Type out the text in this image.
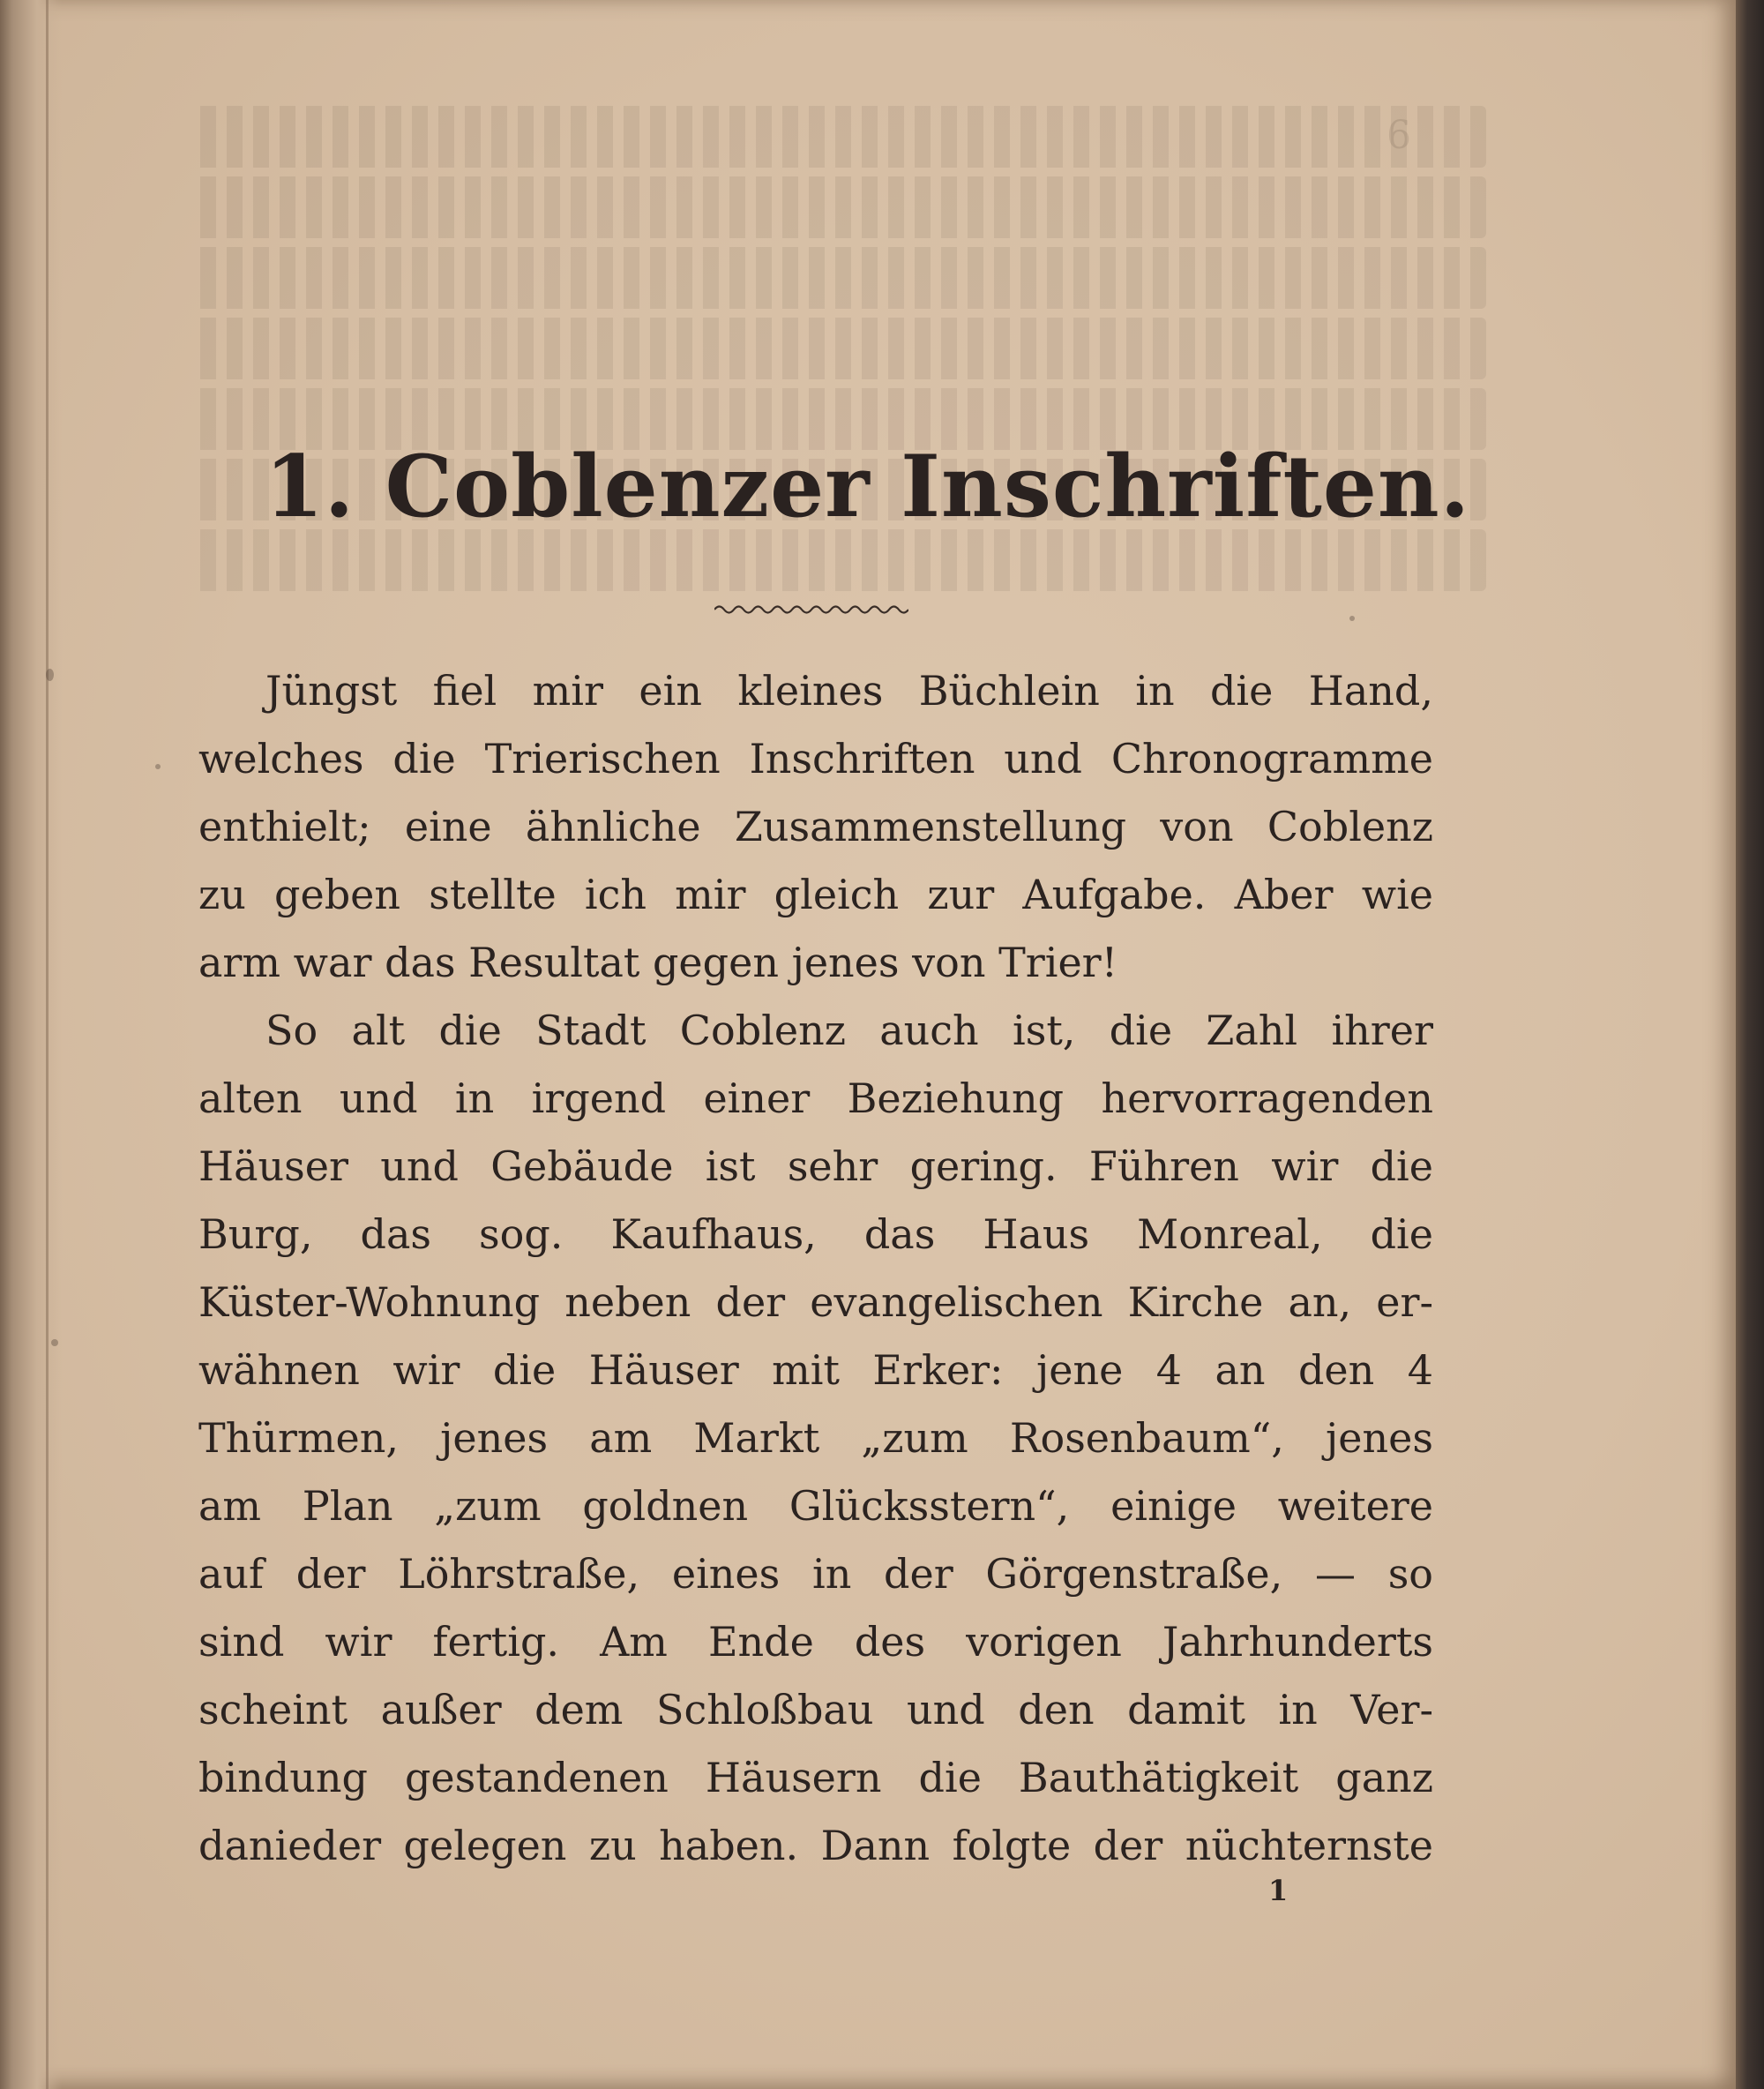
6
1. Coblenzer Inschriften.
Jüngst fiel mir ein kleines Büchlein in die Hand,
welches die Trierischen Inschriften und Chronogramme
enthielt; eine ähnliche Zusammenstellung von Coblenz
zu geben stellte ich mir gleich zur Aufgabe. Aber wie
arm war das Resultat gegen jenes von Trier!
So alt die Stadt Coblenz auch ist, die Zahl ihrer
alten und in irgend einer Beziehung hervorragenden
Häuser und Gebäude ist sehr gering. Führen wir die
Burg, das sog. Kaufhaus, das Haus Monreal, die
Küster-Wohnung neben der evangelischen Kirche an, er-
wähnen wir die Häuser mit Erker: jene 4 an den 4
Thürmen, jenes am Markt „zum Rosenbaum“, jenes
am Plan „zum goldnen Glücksstern“, einige weitere
auf der Löhrstraße, eines in der Görgenstraße, — so
sind wir fertig. Am Ende des vorigen Jahrhunderts
scheint außer dem Schloßbau und den damit in Ver-
bindung gestandenen Häusern die Bauthätigkeit ganz
danieder gelegen zu haben. Dann folgte der nüchternste
1
